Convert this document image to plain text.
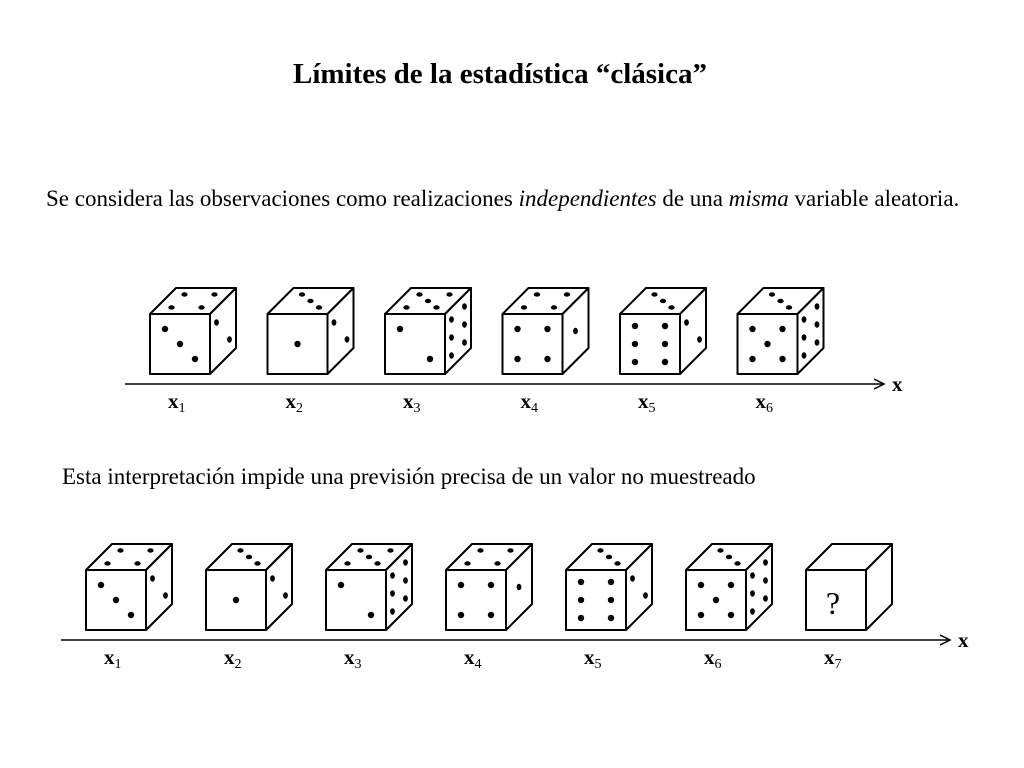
Límites de la estadística “clásica”
Se considera las observaciones como realizaciones independientes de una misma variable aleatoria.
x
x1	x2	x3	x4	x5	x6
x
x1	x2	x3	x4	x5	x6	x7
Esta interpretación impide una previsión precisa de un valor no muestreado
?
